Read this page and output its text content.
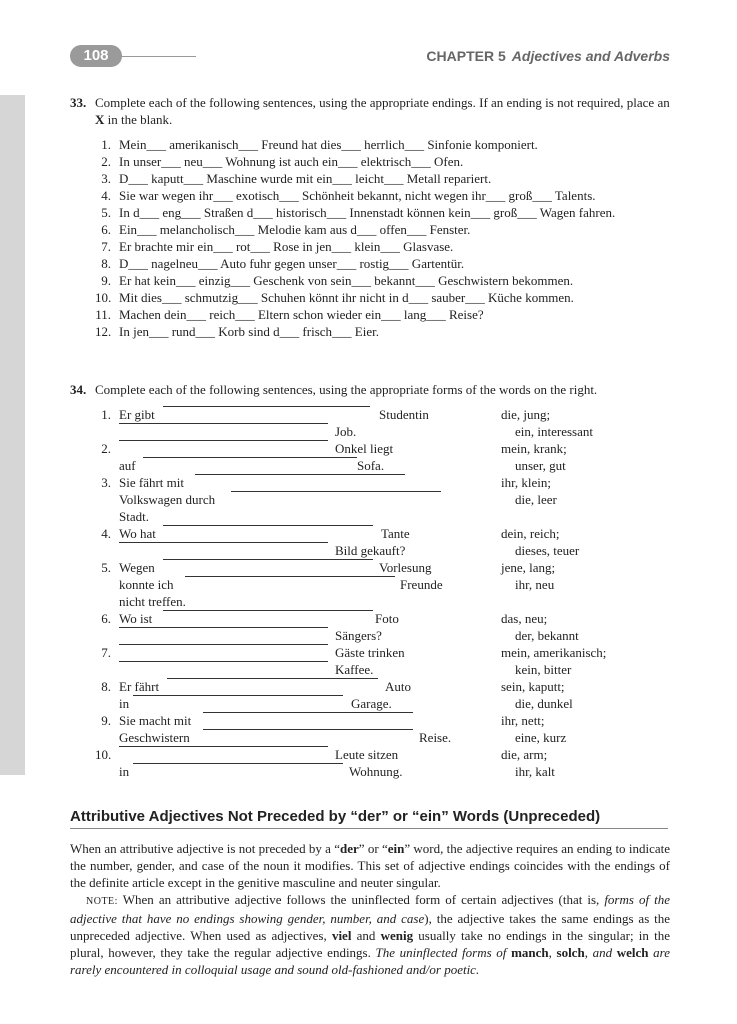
108	CHAPTER 5 Adjectives and Adverbs
33. Complete each of the following sentences, using the appropriate endings. If an ending is not required, place an X in the blank.
1. Mein___ amerikanisch___ Freund hat dies___ herrlich___ Sinfonie komponiert.
2. In unser___ neu___ Wohnung ist auch ein___ elektrisch___ Ofen.
3. D___ kaputt___ Maschine wurde mit ein___ leicht___ Metall repariert.
4. Sie war wegen ihr___ exotisch___ Schönheit bekannt, nicht wegen ihr___ groß___ Talents.
5. In d___ eng___ Straßen d___ historisch___ Innenstadt können kein___ groß___ Wagen fahren.
6. Ein___ melancholisch___ Melodie kam aus d___ offen___ Fenster.
7. Er brachte mir ein___ rot___ Rose in jen___ klein___ Glasvase.
8. D___ nagelneu___ Auto fuhr gegen unser___ rostig___ Gartentür.
9. Er hat kein___ einzig___ Geschenk von sein___ bekannt___ Geschwistern bekommen.
10. Mit dies___ schmutzig___ Schuhen könnt ihr nicht in d___ sauber___ Küche kommen.
11. Machen dein___ reich___ Eltern schon wieder ein___ lang___ Reise?
12. In jen___ rund___ Korb sind d___ frisch___ Eier.
34. Complete each of the following sentences, using the appropriate forms of the words on the right.
1. Er gibt	Studentin	die, jung;
Job.	ein, interessant
2.	Onkel liegt	mein, krank;
auf	Sofa.	unser, gut
3. Sie fährt mit	ihr, klein;
Volkswagen durch	die, leer
Stadt.
4. Wo hat	Tante	dein, reich;
Bild gekauft?	dieses, teuer
5. Wegen	Vorlesung	jene, lang;
konnte ich	Freunde	ihr, neu
nicht treffen.
6. Wo ist	Foto	das, neu;
Sängers?	der, bekannt
7.	Gäste trinken	mein, amerikanisch;
Kaffee.	kein, bitter
8. Er fährt	Auto	sein, kaputt;
in	Garage.	die, dunkel
9. Sie macht mit	ihr, nett;
Geschwistern	Reise.	eine, kurz
10.	Leute sitzen	die, arm;
in	Wohnung.	ihr, kalt
Attributive Adjectives Not Preceded by “der” or “ein” Words (Unpreceded)
When an attributive adjective is not preceded by a “der” or “ein” word, the adjective requires an ending to indicate the number, gender, and case of the noun it modifies. This set of adjective endings coincides with the endings of the definite article except in the genitive masculine and neuter singular.
NOTE: When an attributive adjective follows the uninflected form of certain adjectives (that is, forms of the adjective that have no endings showing gender, number, and case), the adjective takes the same endings as the unpreceded adjective. When used as adjectives, viel and wenig usually take no endings in the singular; in the plural, however, they take the regular adjective endings. The uninflected forms of manch, solch, and welch are rarely encountered in colloquial usage and sound old-fashioned and/or poetic.
